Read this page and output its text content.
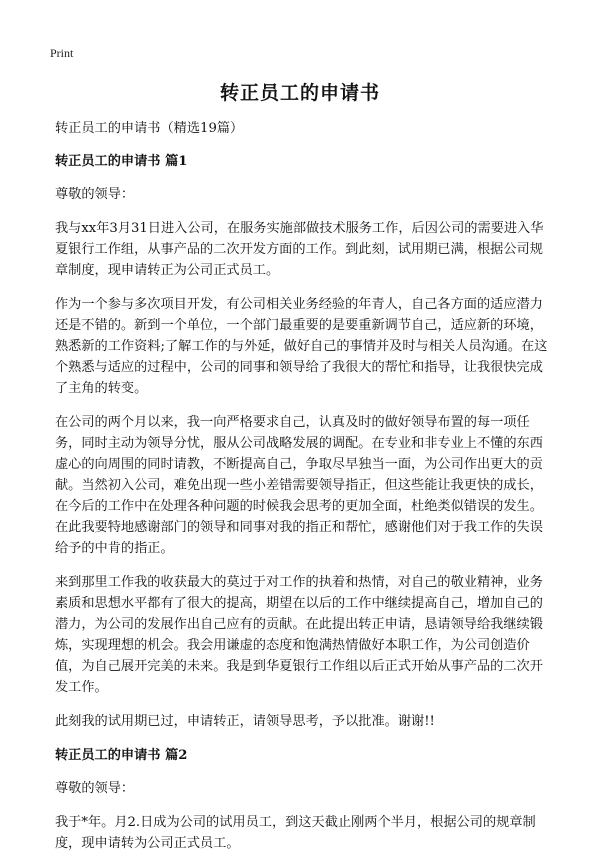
Print
转正员工的申请书

转正员工的申请书（精选19篇）

转正员工的申请书 篇1

尊敬的领导：

我与xx年3月31日进入公司，在服务实施部做技术服务工作，后因公司的需要进入华夏银行工作组，从事产品的二次开发方面的工作。到此刻，试用期已满，根据公司规章制度，现申请转正为公司正式员工。

作为一个参与多次项目开发，有公司相关业务经验的年青人，自己各方面的适应潜力还是不错的。新到一个单位，一个部门最重要的是要重新调节自己，适应新的环境，熟悉新的工作资料;了解工作的与外延，做好自己的事情并及时与相关人员沟通。在这个熟悉与适应的过程中，公司的同事和领导给了我很大的帮忙和指导，让我很快完成了主角的转变。

在公司的两个月以来，我一向严格要求自己，认真及时的做好领导布置的每一项任务，同时主动为领导分忧，服从公司战略发展的调配。在专业和非专业上不懂的东西虚心的向周围的同时请教，不断提高自己，争取尽早独当一面，为公司作出更大的贡献。当然初入公司，难免出现一些小差错需要领导指正，但这些能让我更快的成长，在今后的工作中在处理各种问题的时候我会思考的更加全面，杜绝类似错误的发生。在此我要特地感谢部门的领导和同事对我的指正和帮忙，感谢他们对于我工作的失误给予的中肯的指正。

来到那里工作我的收获最大的莫过于对工作的执着和热情，对自己的敬业精神，业务素质和思想水平都有了很大的提高，期望在以后的工作中继续提高自己，增加自己的潜力，为公司的发展作出自己应有的贡献。在此提出转正申请，恳请领导给我继续锻炼，实现理想的机会。我会用谦虚的态度和饱满热情做好本职工作，为公司创造价值，为自己展开完美的未来。我是到华夏银行工作组以后正式开始从事产品的二次开发工作。

此刻我的试用期已过，申请转正，请领导思考，予以批准。谢谢!!

转正员工的申请书 篇2

尊敬的领导：

我于*年。月2.日成为公司的试用员工，到这天截止刚两个半月，根据公司的规章制度，现申请转为公司正式员工。
